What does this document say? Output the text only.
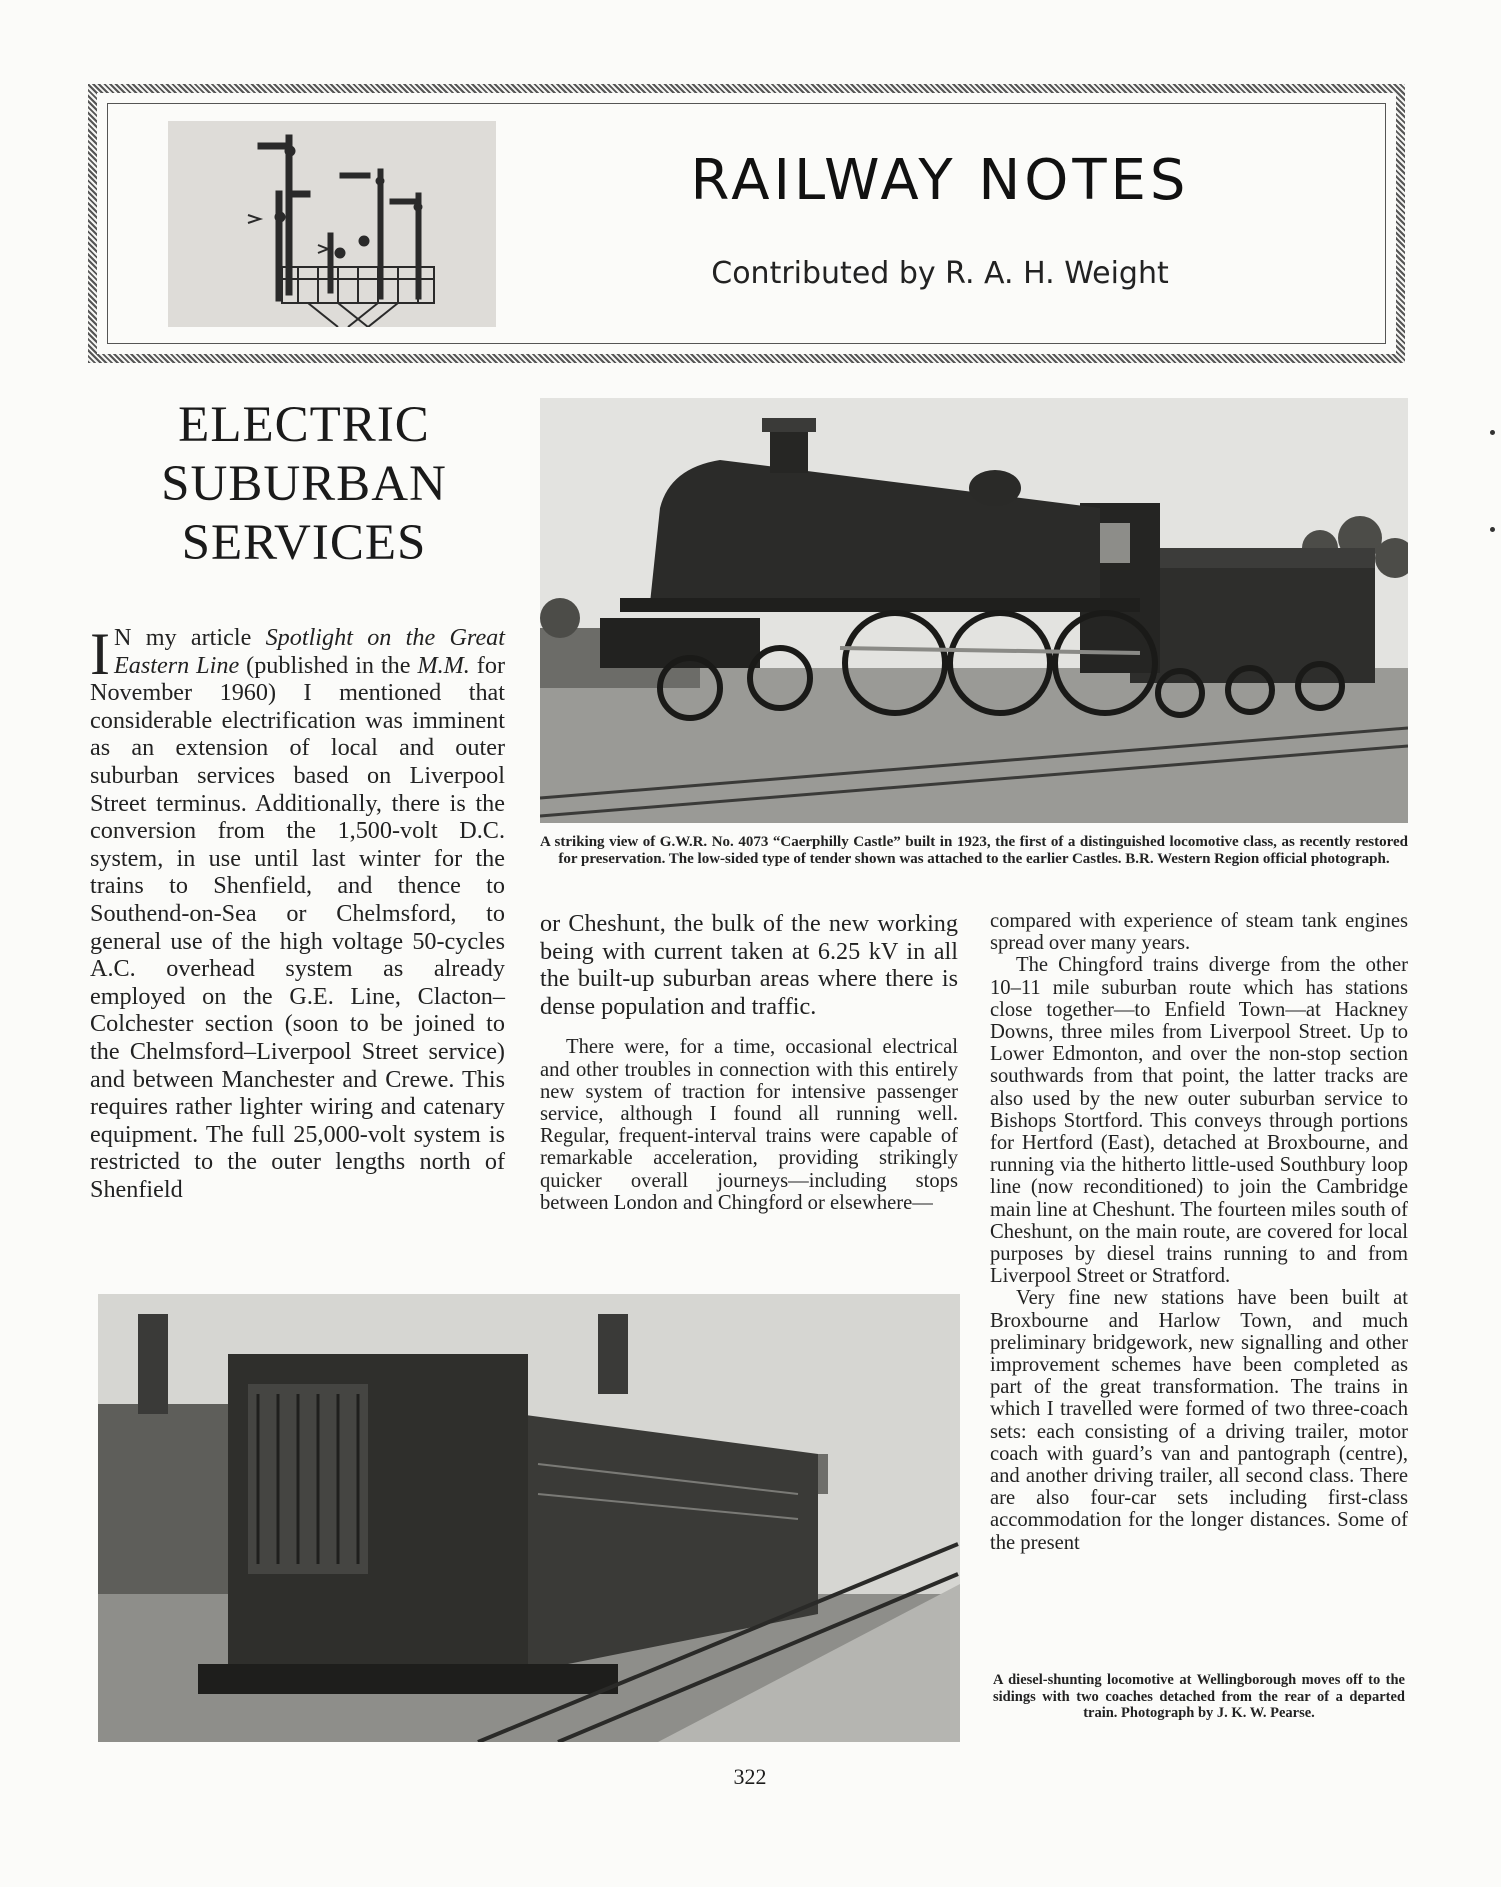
RAILWAY NOTES
Contributed by R. A. H. Weight
ELECTRIC
SUBURBAN
SERVICES
A striking view of G.W.R. No. 4073 “Caerphilly Castle” built in 1923, the first of a distinguished locomotive class, as recently restored for preservation. The low-sided type of tender shown was attached to the earlier Castles. B.R. Western Region official photograph.

I N my article Spotlight on the Great Eastern Line (published in the M.M. for November 1960) I mentioned that considerable electrification was imminent as an extension of local and outer suburban services based on Liverpool Street terminus. Additionally, there is the conversion from the 1,500-volt D.C. system, in use until last winter for the trains to Shenfield, and thence to Southend-on-Sea or Chelmsford, to general use of the high voltage 50-cycles A.C. overhead system as already employed on the G.E. Line, Clacton–Colchester section (soon to be joined to the Chelmsford–Liverpool Street service) and between Manchester and Crewe. This requires rather lighter wiring and catenary equipment. The full 25,000-volt system is restricted to the outer lengths north of Shenfield

or Cheshunt, the bulk of the new working being with current taken at 6.25 kV in all the built-up suburban areas where there is dense population and traffic.

There were, for a time, occasional electrical and other troubles in connection with this entirely new system of traction for intensive passenger service, although I found all running well. Regular, frequent-interval trains were capable of remarkable acceleration, providing strikingly quicker overall journeys—including stops between London and Chingford or elsewhere—

compared with experience of steam tank engines spread over many years.

The Chingford trains diverge from the other 10–11 mile suburban route which has stations close together—to Enfield Town—at Hackney Downs, three miles from Liverpool Street. Up to Lower Edmonton, and over the non-stop section southwards from that point, the latter tracks are also used by the new outer suburban service to Bishops Stortford. This conveys through portions for Hertford (East), detached at Broxbourne, and running via the hitherto little-used Southbury loop line (now reconditioned) to join the Cambridge main line at Cheshunt. The fourteen miles south of Cheshunt, on the main route, are covered for local purposes by diesel trains running to and from Liverpool Street or Stratford.

Very fine new stations have been built at Broxbourne and Harlow Town, and much preliminary bridgework, new signalling and other improvement schemes have been completed as part of the great transformation. The trains in which I travelled were formed of two three-coach sets: each consisting of a driving trailer, motor coach with guard’s van and pantograph (centre), and another driving trailer, all second class. There are also four-car sets including first-class accommodation for the longer distances. Some of the present

A diesel-shunting locomotive at Wellingborough moves off to the sidings with two coaches detached from the rear of a departed train. Photograph by J. K. W. Pearse.
322
